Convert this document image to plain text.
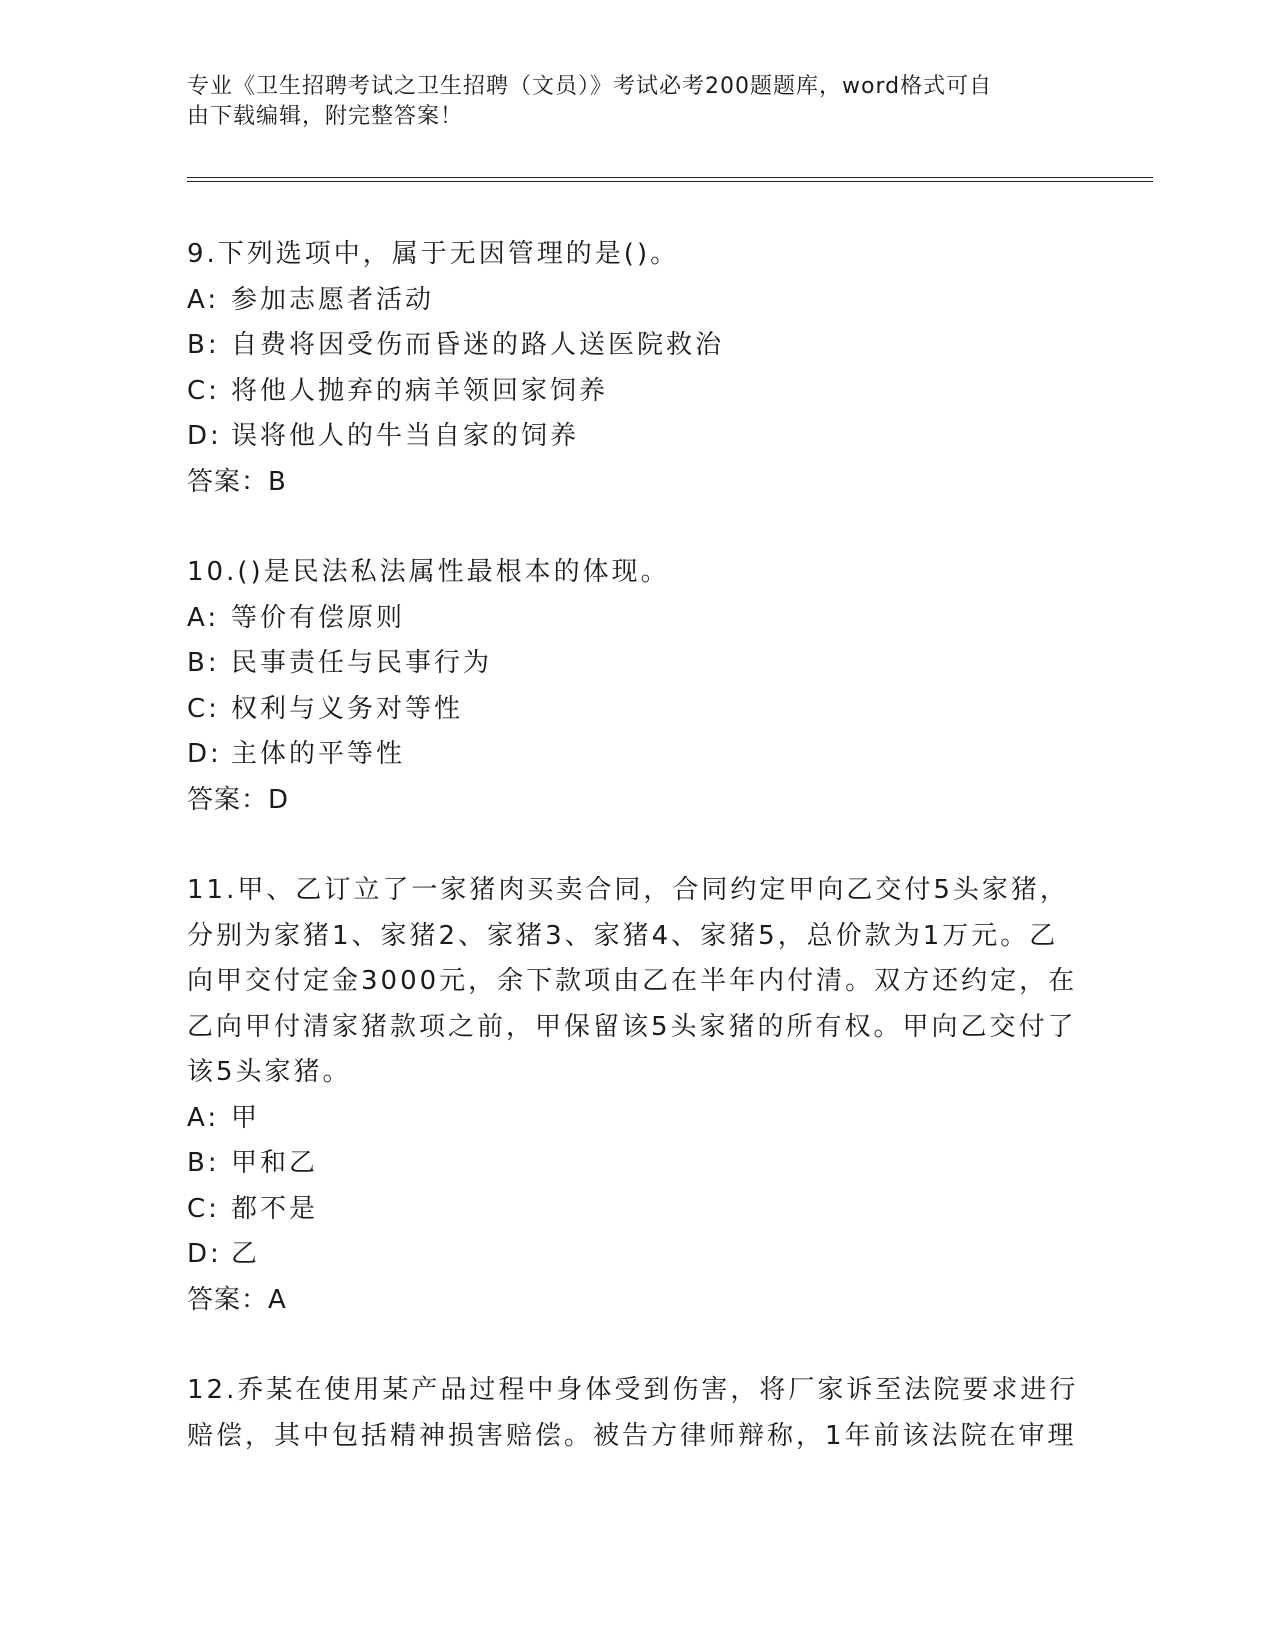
专业《卫生招聘考试之卫生招聘（文员）》考试必考200题题库，word格式可自
由下载编辑，附完整答案！

9.下列选项中，属于无因管理的是()。

A: 参加志愿者活动

B: 自费将因受伤而昏迷的路人送医院救治

C: 将他人抛弃的病羊领回家饲养

D: 误将他人的牛当自家的饲养

答案：B

10.()是民法私法属性最根本的体现。

A: 等价有偿原则

B: 民事责任与民事行为

C: 权利与义务对等性

D: 主体的平等性

答案：D

11.甲、乙订立了一家猪肉买卖合同，合同约定甲向乙交付5头家猪，分别为家猪1、家猪2、家猪3、家猪4、家猪5，总价款为1万元。乙向甲交付定金3000元，余下款项由乙在半年内付清。双方还约定，在乙向甲付清家猪款项之前，甲保留该5头家猪的所有权。甲向乙交付了该5头家猪。

A: 甲

B: 甲和乙

C: 都不是

D: 乙

答案：A

12.乔某在使用某产品过程中身体受到伤害，将厂家诉至法院要求进行赔偿，其中包括精神损害赔偿。被告方律师辩称，1年前该法院在审理
